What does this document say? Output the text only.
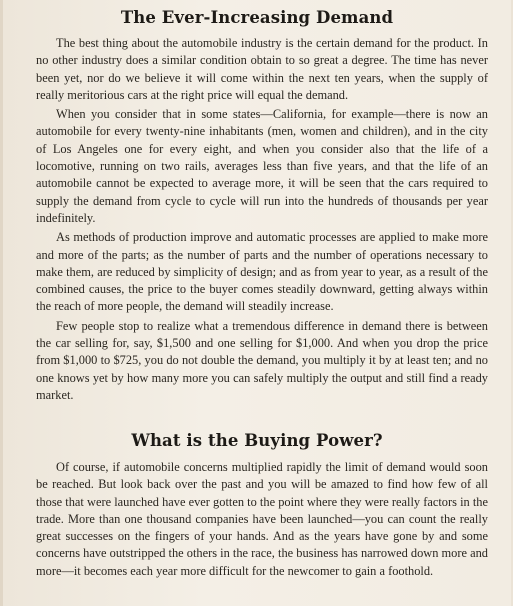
The Ever-Increasing Demand

The best thing about the automobile industry is the certain demand for the product. In no other industry does a similar condition obtain to so great a degree. The time has never been yet, nor do we believe it will come within the next ten years, when the supply of really meritorious cars at the right price will equal the demand.

When you consider that in some states—California, for example—there is now an automobile for every twenty-nine inhabitants (men, women and children), and in the city of Los Angeles one for every eight, and when you consider also that the life of a locomotive, running on two rails, averages less than five years, and that the life of an automobile cannot be expected to average more, it will be seen that the cars required to supply the demand from cycle to cycle will run into the hundreds of thousands per year indefinitely.

As methods of production improve and automatic processes are applied to make more and more of the parts; as the number of parts and the number of operations necessary to make them, are reduced by simplicity of design; and as from year to year, as a result of the combined causes, the price to the buyer comes steadily downward, getting always within the reach of more people, the demand will steadily increase.

Few people stop to realize what a tremendous difference in demand there is between the car selling for, say, $1,500 and one selling for $1,000. And when you drop the price from $1,000 to $725, you do not double the demand, you multiply it by at least ten; and no one knows yet by how many more you can safely multiply the output and still find a ready market.

What is the Buying Power?

Of course, if automobile concerns multiplied rapidly the limit of demand would soon be reached. But look back over the past and you will be amazed to find how few of all those that were launched have ever gotten to the point where they were really factors in the trade. More than one thousand companies have been launched—you can count the really great successes on the fingers of your hands. And as the years have gone by and some concerns have outstripped the others in the race, the business has narrowed down more and more—it becomes each year more difficult for the newcomer to gain a foothold.
